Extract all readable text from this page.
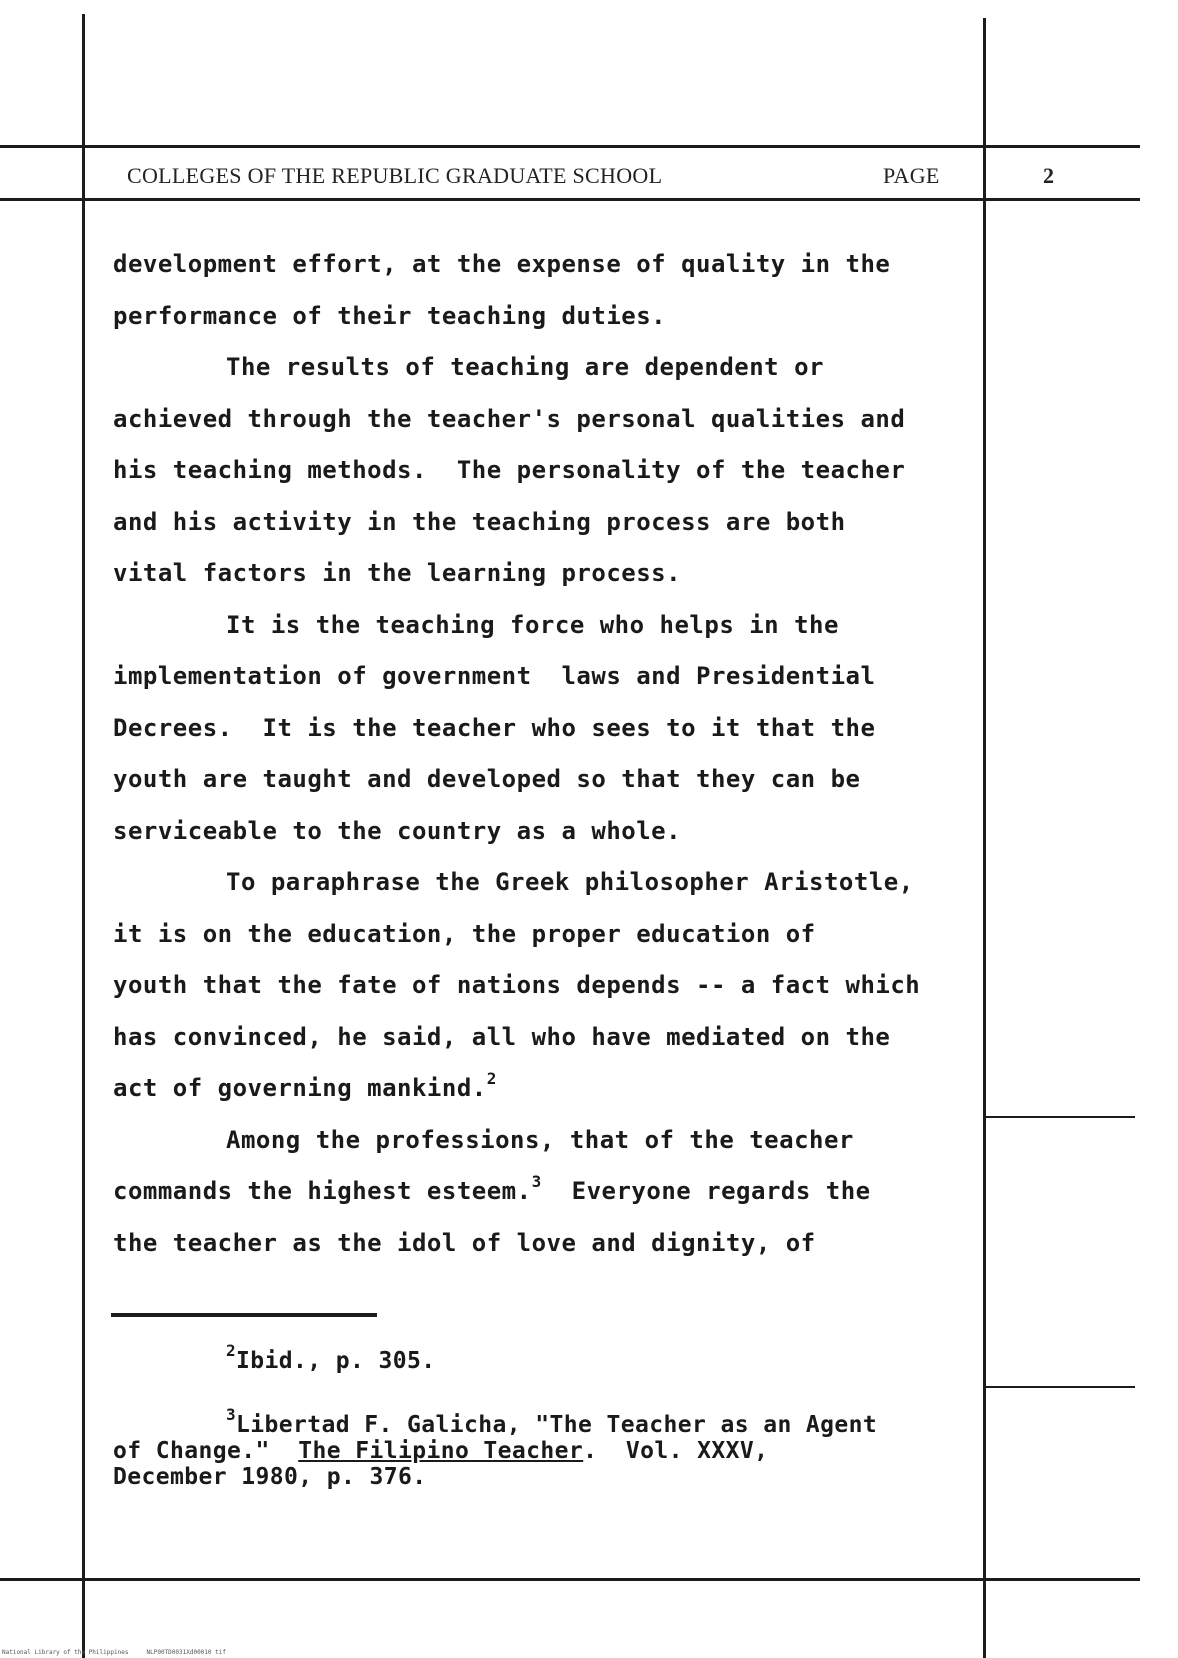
COLLEGES OF THE REPUBLIC GRADUATE SCHOOL	PAGE	2
development effort, at the expense of quality in the
performance of their teaching duties.
The results of teaching are dependent or
achieved through the teacher's personal qualities and
his teaching methods.  The personality of the teacher
and his activity in the teaching process are both
vital factors in the learning process.
It is the teaching force who helps in the
implementation of government  laws and Presidential
Decrees.  It is the teacher who sees to it that the
youth are taught and developed so that they can be
serviceable to the country as a whole.
To paraphrase the Greek philosopher Aristotle,
it is on the education, the proper education of
youth that the fate of nations depends -- a fact which
has convinced, he said, all who have mediated on the
act of governing mankind.$^2$
Among the professions, that of the teacher
commands the highest esteem.$^3$  Everyone regards the
the teacher as the idol of love and dignity, of
$^2$Ibid., p. 305.
$^3$Libertad F. Galicha, "The Teacher as an Agent
of Change."  The Filipino Teacher.  Vol. XXXV,
December 1980, p. 376.
National Library of the Philippines     NLP00TD0031Xd00010 tif
